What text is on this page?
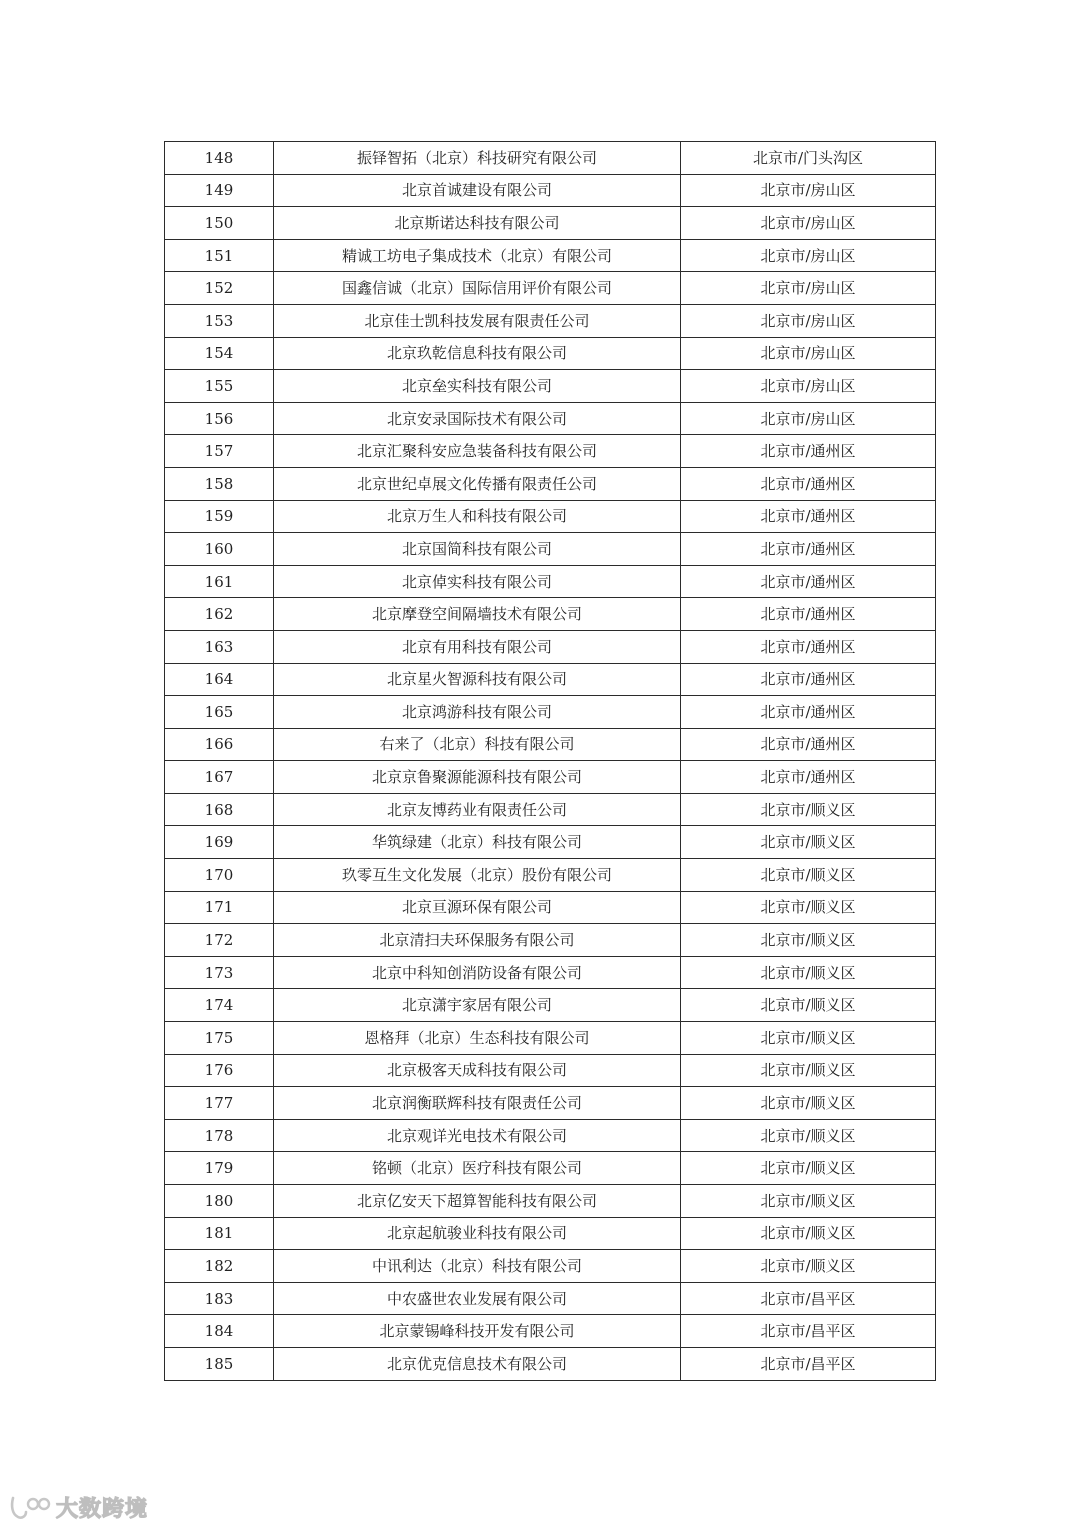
148	振铎智拓（北京）科技研究有限公司	北京市/门头沟区
149	北京首诚建设有限公司	北京市/房山区
150	北京斯诺达科技有限公司	北京市/房山区
151	精诚工坊电子集成技术（北京）有限公司	北京市/房山区
152	国鑫信诚（北京）国际信用评价有限公司	北京市/房山区
153	北京佳士凯科技发展有限责任公司	北京市/房山区
154	北京玖乾信息科技有限公司	北京市/房山区
155	北京垒实科技有限公司	北京市/房山区
156	北京安录国际技术有限公司	北京市/房山区
157	北京汇聚科安应急装备科技有限公司	北京市/通州区
158	北京世纪卓展文化传播有限责任公司	北京市/通州区
159	北京万生人和科技有限公司	北京市/通州区
160	北京国简科技有限公司	北京市/通州区
161	北京倬实科技有限公司	北京市/通州区
162	北京摩登空间隔墙技术有限公司	北京市/通州区
163	北京有用科技有限公司	北京市/通州区
164	北京星火智源科技有限公司	北京市/通州区
165	北京鸿游科技有限公司	北京市/通州区
166	右来了（北京）科技有限公司	北京市/通州区
167	北京京鲁聚源能源科技有限公司	北京市/通州区
168	北京友博药业有限责任公司	北京市/顺义区
169	华筑绿建（北京）科技有限公司	北京市/顺义区
170	玖零互生文化发展（北京）股份有限公司	北京市/顺义区
171	北京亘源环保有限公司	北京市/顺义区
172	北京清扫夫环保服务有限公司	北京市/顺义区
173	北京中科知创消防设备有限公司	北京市/顺义区
174	北京潇宇家居有限公司	北京市/顺义区
175	恩格拜（北京）生态科技有限公司	北京市/顺义区
176	北京极客天成科技有限公司	北京市/顺义区
177	北京润衡联辉科技有限责任公司	北京市/顺义区
178	北京观详光电技术有限公司	北京市/顺义区
179	铭顿（北京）医疗科技有限公司	北京市/顺义区
180	北京亿安天下超算智能科技有限公司	北京市/顺义区
181	北京起航骏业科技有限公司	北京市/顺义区
182	中讯利达（北京）科技有限公司	北京市/顺义区
183	中农盛世农业发展有限公司	北京市/昌平区
184	北京蒙锡峰科技开发有限公司	北京市/昌平区
185	北京优克信息技术有限公司	北京市/昌平区
大数跨境
